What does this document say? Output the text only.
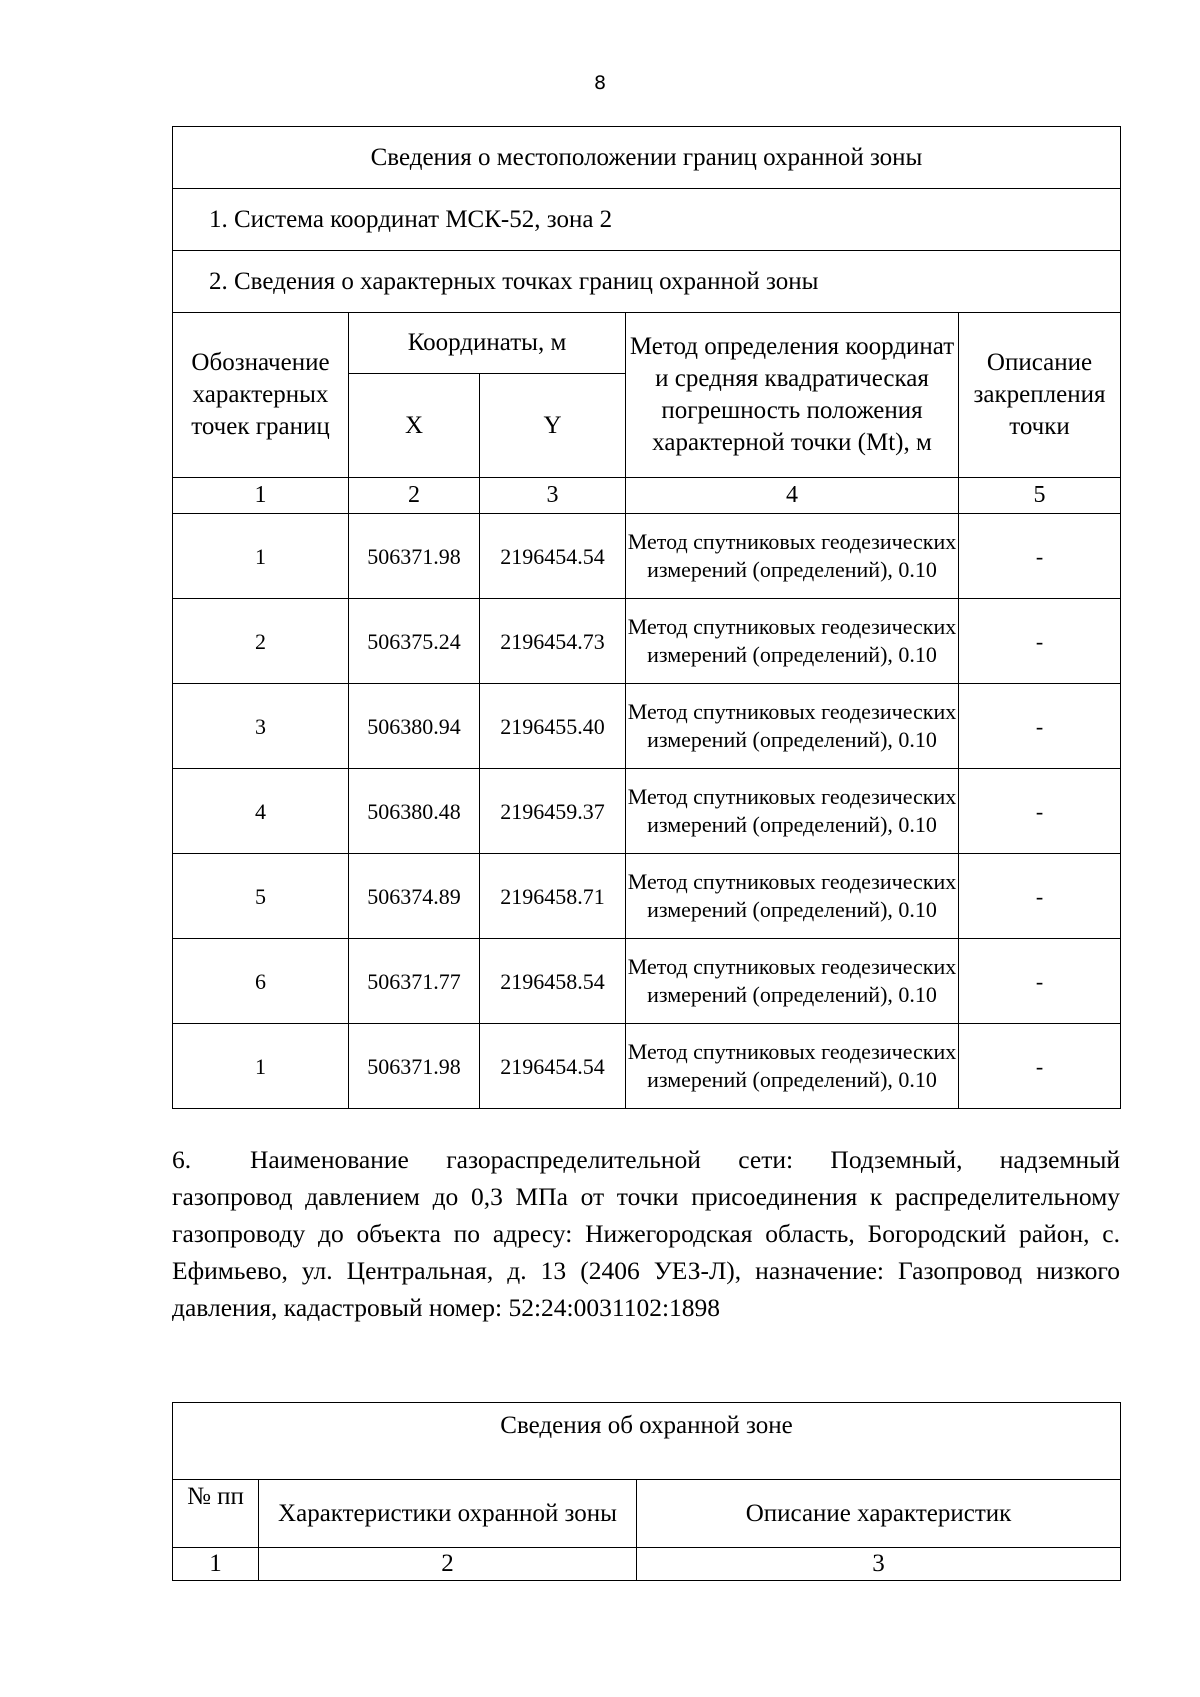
8
Сведения о местоположении границ охранной зоны				
1. Система координат МСК-52, зона 2				
2. Сведения о характерных точках границ охранной зоны				
Обозначение характерных точек границ	Координаты, м		Метод определения координат и средняя квадратическая погрешность положения характерной точки (Mt), м	Описание закрепления точки
	X	Y		
1	2	3	4	5
1	506371.98	2196454.54	Метод спутниковых геодезических измерений (определений), 0.10	-
2	506375.24	2196454.73	Метод спутниковых геодезических измерений (определений), 0.10	-
3	506380.94	2196455.40	Метод спутниковых геодезических измерений (определений), 0.10	-
4	506380.48	2196459.37	Метод спутниковых геодезических измерений (определений), 0.10	-
5	506374.89	2196458.71	Метод спутниковых геодезических измерений (определений), 0.10	-
6	506371.77	2196458.54	Метод спутниковых геодезических измерений (определений), 0.10	-
1	506371.98	2196454.54	Метод спутниковых геодезических измерений (определений), 0.10	-
6. Наименование газораспределительной сети: Подземный, надземный газопровод давлением до 0,3 МПа от точки присоединения к распределительному газопроводу до объекта по адресу: Нижегородская область, Богородский район, с. Ефимьево, ул. Центральная, д. 13 (2406 УЕЗ-Л), назначение: Газопровод низкого давления, кадастровый номер: 52:24:0031102:1898
Сведения об охранной зоне		
№ пп	Характеристики охранной зоны	Описание характеристик
1	2	3
